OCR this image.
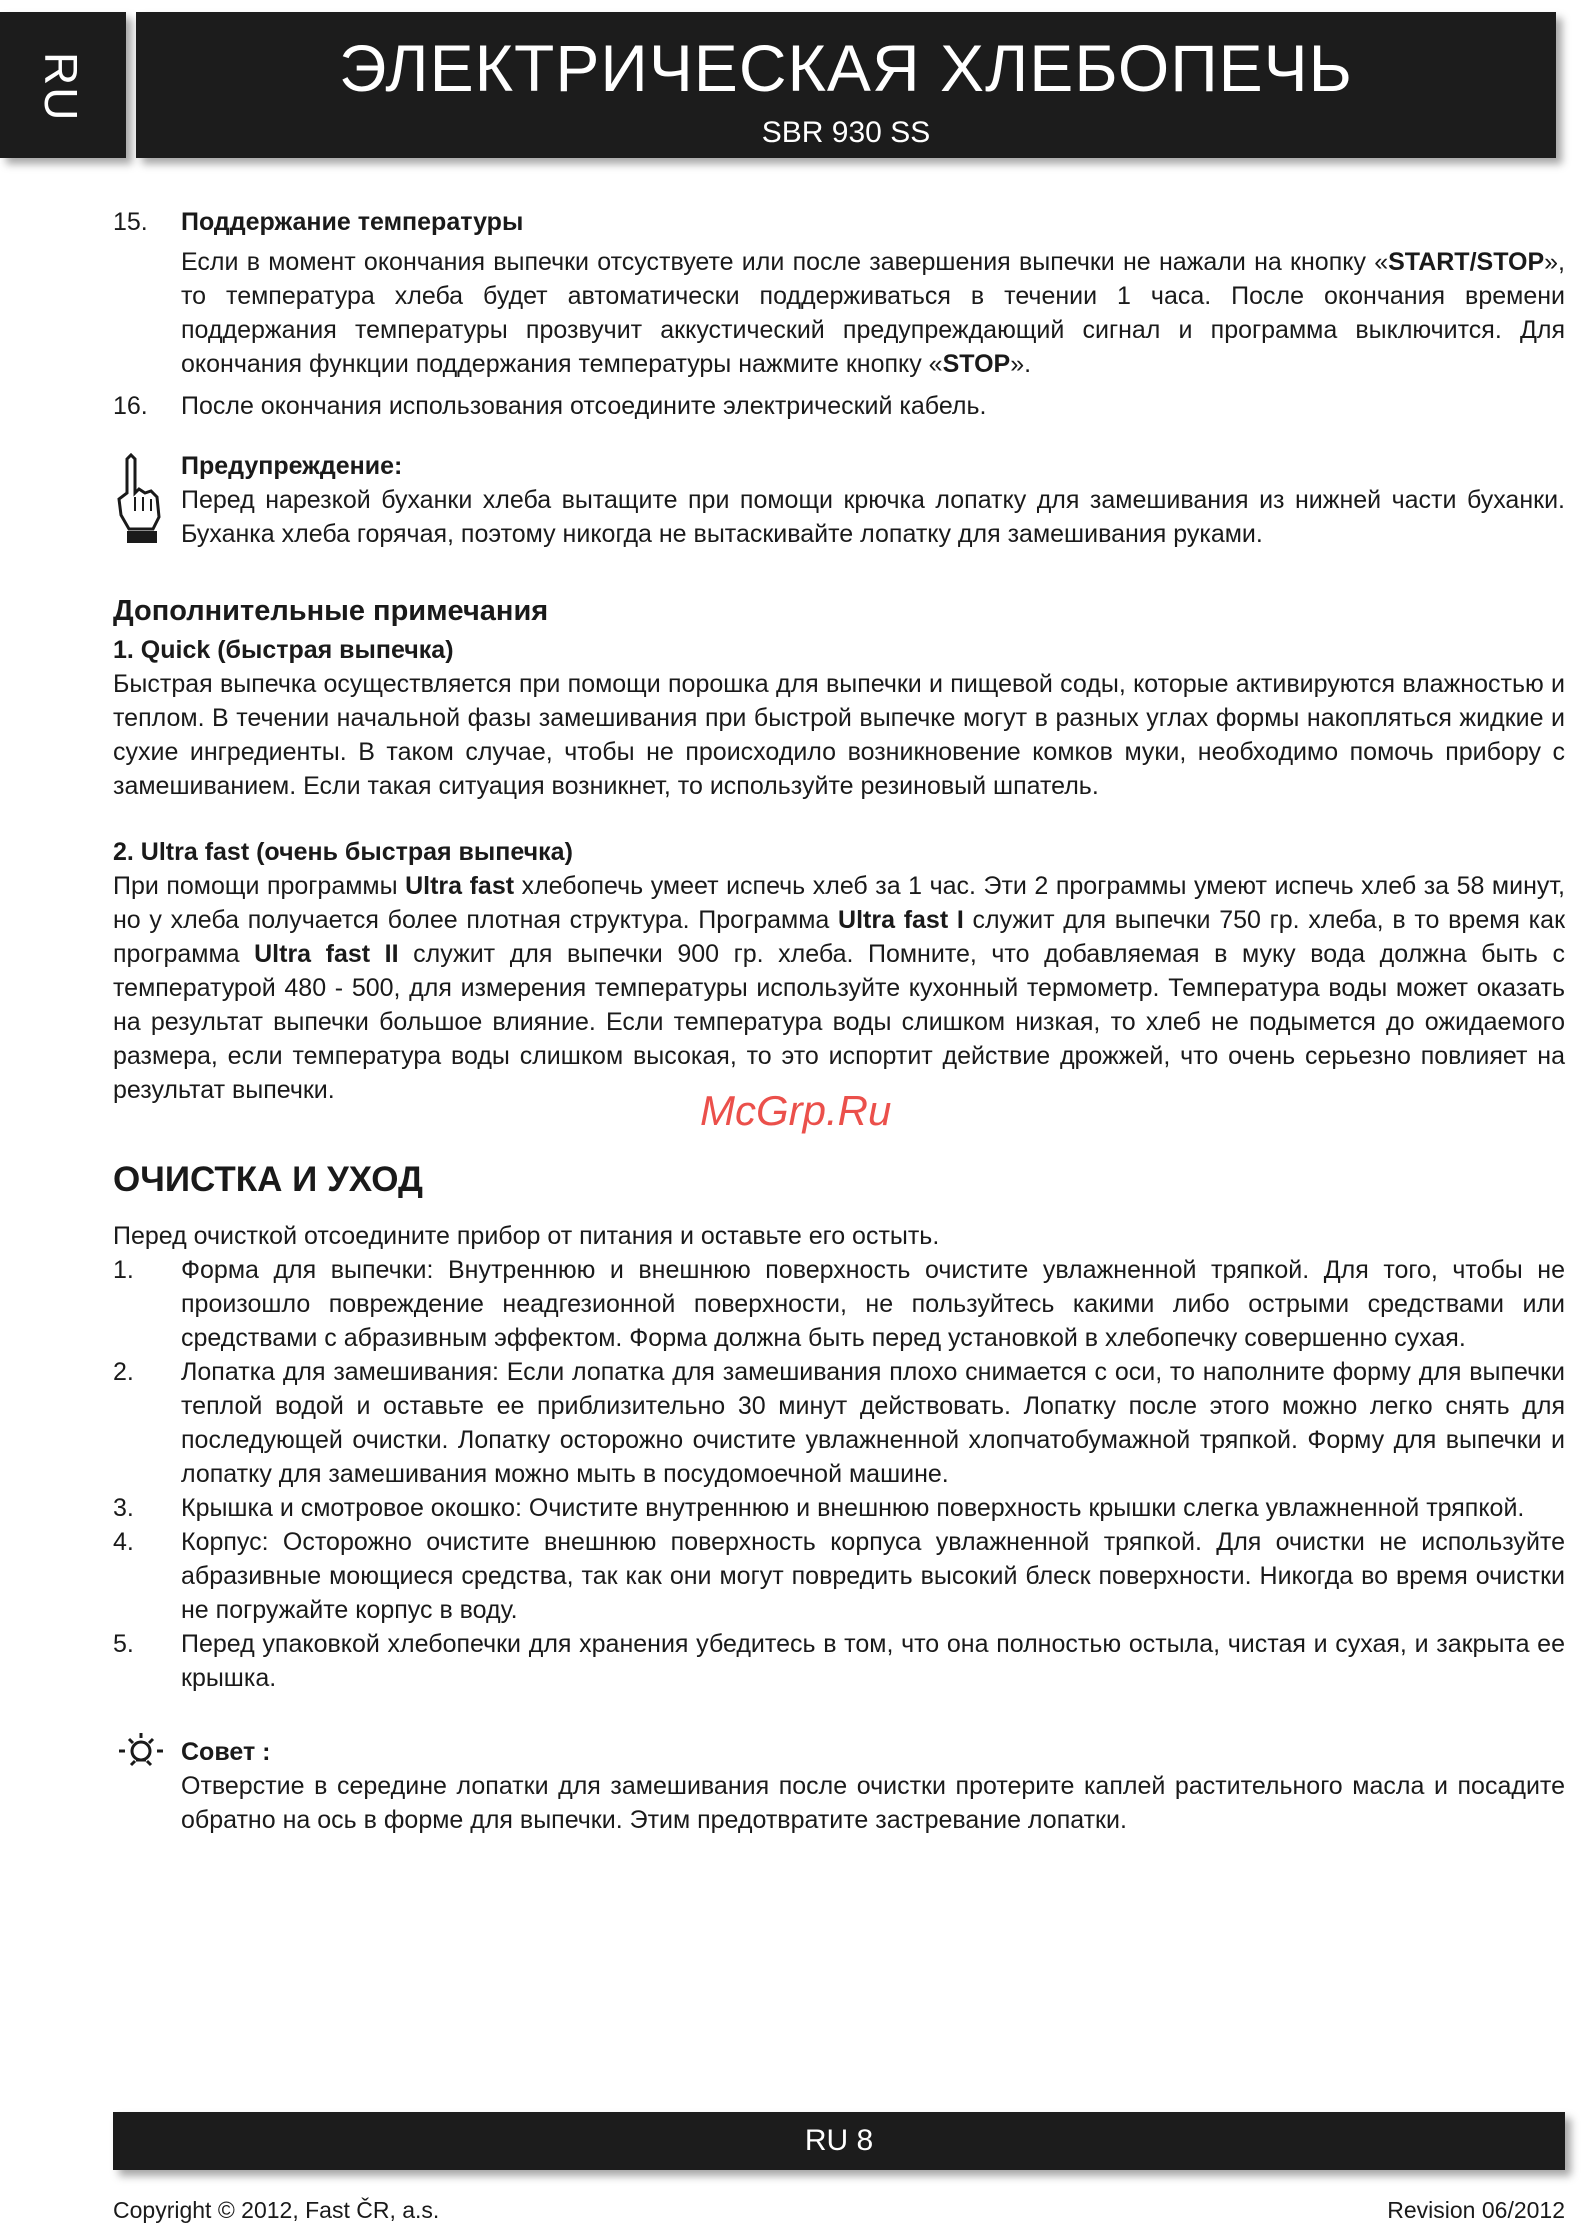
RU	ЭЛЕКТРИЧЕСКАЯ ХЛЕБОПЕЧЬ
SBR 930 SS
15. Поддержание температуры
Если в момент окончания выпечки отсуствуете или после завершения выпечки не нажали на кнопку «START/STOP», то температура хлеба будет автоматически поддерживаться в течении 1 часа. После окончания времени поддержания температуры прозвучит аккустический предупреждающий сигнал и программа выключится. Для окончания функции поддержания температуры нажмите кнопку «STOP».
16. После окончания использования отсоедините электрический кабель.
Предупреждение:
Перед нарезкой буханки хлеба вытащите при помощи крючка лопатку для замешивания из нижней части буханки. Буханка хлеба горячая, поэтому никогда не вытаскивайте лопатку для замешивания руками.
Дополнительные примечания
1. Quick (быстрая выпечка)
Быстрая выпечка осуществляется при помощи порошка для выпечки и пищевой соды, которые активируются влажностью и теплом. В течении начальной фазы замешивания при быстрой выпечке могут в разных углах формы накопляться жидкие и сухие ингредиенты. В таком случае, чтобы не происходило возникновение комков муки, необходимо помочь прибору с замешиванием. Если такая ситуация возникнет, то используйте резиновый шпатель.
2. Ultra fast (очень быстрая выпечка)
При помощи программы Ultra fast хлебопечь умеет испечь хлеб за 1 час. Эти 2 программы умеют испечь хлеб за 58 минут, но у хлеба получается более плотная структура. Программа Ultra fast I служит для выпечки 750 гр. хлеба, в то время как программа Ultra fast II служит для выпечки 900 гр. хлеба. Помните, что добавляемая в муку вода должна быть с температурой 480 - 500, для измерения температуры используйте кухонный термометр. Температура воды может оказать на результат выпечки большое влияние. Если температура воды слишком низкая, то хлеб не подымется до ожидаемого размера, если температура воды слишком высокая, то это испортит действие дрожжей, что очень серьезно повлияет на результат выпечки.
ОЧИСТКА И УХОД
Перед очисткой отсоедините прибор от питания и оставьте его остыть.
1. Форма для выпечки: Внутреннюю и внешнюю поверхность очистите увлажненной тряпкой. Для того, чтобы не произошло повреждение неадгезионной поверхности, не пользуйтесь какими либо острыми средствами или средствами с абразивным эффектом. Форма должна быть перед установкой в хлебопечку совершенно сухая.
2. Лопатка для замешивания: Если лопатка для замешивания плохо снимается с оси, то наполните форму для выпечки теплой водой и оставьте ее приблизительно 30 минут действовать. Лопатку после этого можно легко снять для последующей очистки. Лопатку осторожно очистите увлажненной хлопчатобумажной тряпкой. Форму для выпечки и лопатку для замешивания можно мыть в посудомоечной машине.
3. Крышка и смотровое окошко: Очистите внутреннюю и внешнюю поверхность крышки слегка увлажненной тряпкой.
4. Корпус: Осторожно очистите внешнюю поверхность корпуса увлажненной тряпкой. Для очистки не используйте абразивные моющиеся средства, так как они могут повредить высокий блеск поверхности. Никогда во время очистки не погружайте корпус в воду.
5. Перед упаковкой хлебопечки для хранения убедитесь в том, что она полностью остыла, чистая и сухая, и закрыта ее крышка.
Совет :
Отверстие в середине лопатки для замешивания после очистки протерите каплей растительного масла и посадите обратно на ось в форме для выпечки. Этим предотвратите застревание лопатки.
McGrp.Ru
RU 8
Copyright © 2012, Fast ČR, a.s.	Revision 06/2012
